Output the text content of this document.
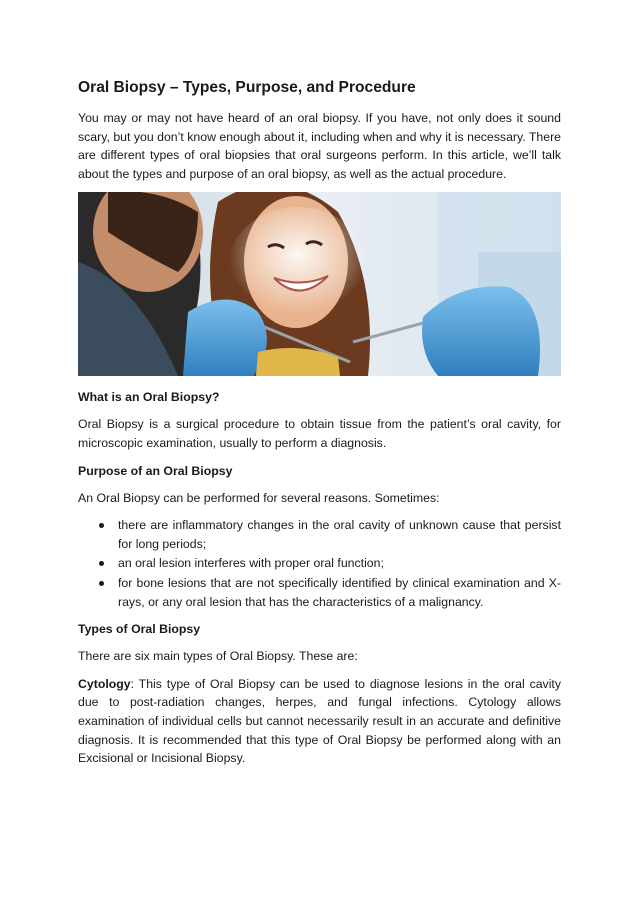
Oral Biopsy – Types, Purpose, and Procedure

You may or may not have heard of an oral biopsy. If you have, not only does it sound scary, but you don’t know enough about it, including when and why it is necessary. There are different types of oral biopsies that oral surgeons perform. In this article, we’ll talk about the types and purpose of an oral biopsy, as well as the actual procedure.

What is an Oral Biopsy?

Oral Biopsy is a surgical procedure to obtain tissue from the patient’s oral cavity, for microscopic examination, usually to perform a diagnosis.

Purpose of an Oral Biopsy

An Oral Biopsy can be performed for several reasons. Sometimes:

there are inflammatory changes in the oral cavity of unknown cause that persist for long periods;
an oral lesion interferes with proper oral function;
for bone lesions that are not specifically identified by clinical examination and X-rays, or any oral lesion that has the characteristics of a malignancy.
Types of Oral Biopsy

There are six main types of Oral Biopsy. These are:

Cytology: This type of Oral Biopsy can be used to diagnose lesions in the oral cavity due to post-radiation changes, herpes, and fungal infections. Cytology allows examination of individual cells but cannot necessarily result in an accurate and definitive diagnosis. It is recommended that this type of Oral Biopsy be performed along with an Excisional or Incisional Biopsy.
